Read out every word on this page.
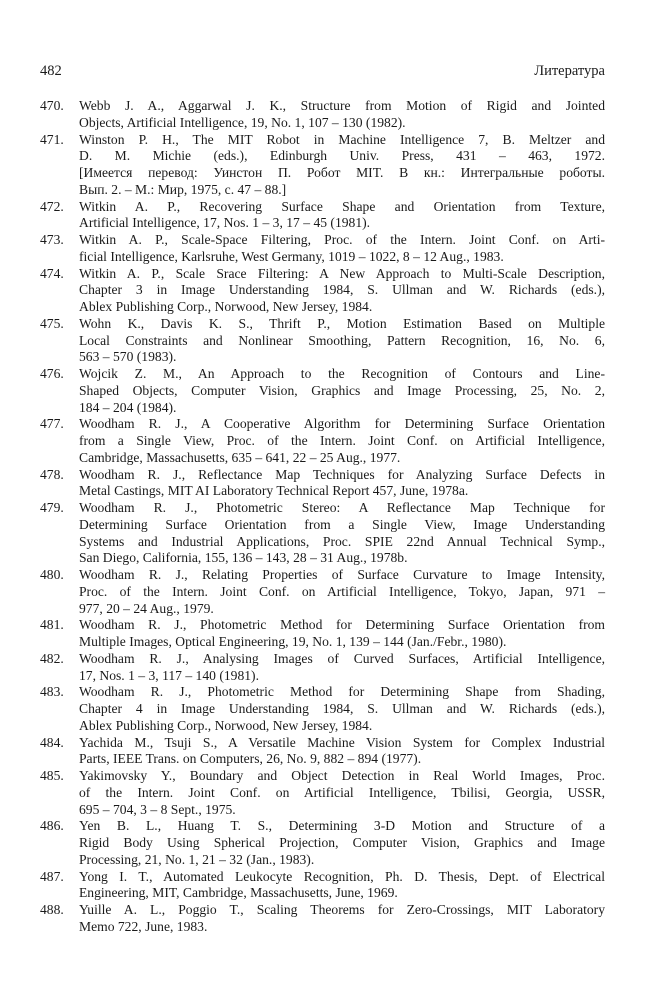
482	Литература
470. Webb J. A., Aggarwal J. K., Structure from Motion of Rigid and Jointed
Objects, Artificial Intelligence, 19, No. 1, 107 – 130 (1982).
471. Winston P. H., The MIT Robot in Machine Intelligence 7, B. Meltzer and
D. M. Michie (eds.), Edinburgh Univ. Press, 431 – 463, 1972.
[Имеется перевод: Уинстон П. Робот MIT. В кн.: Интегральные роботы.
Вып. 2. – М.: Мир, 1975, с. 47 – 88.]
472. Witkin A. P., Recovering Surface Shape and Orientation from Texture,
Artificial Intelligence, 17, Nos. 1 – 3, 17 – 45 (1981).
473. Witkin A. P., Scale-Space Filtering, Proc. of the Intern. Joint Conf. on Arti-
ficial Intelligence, Karlsruhe, West Germany, 1019 – 1022, 8 – 12 Aug., 1983.
474. Witkin A. P., Scale Srace Filtering: A New Approach to Multi-Scale Description,
Chapter 3 in Image Understanding 1984, S. Ullman and W. Richards (eds.),
Ablex Publishing Corp., Norwood, New Jersey, 1984.
475. Wohn K., Davis K. S., Thrift P., Motion Estimation Based on Multiple
Local Constraints and Nonlinear Smoothing, Pattern Recognition, 16, No. 6,
563 – 570 (1983).
476. Wojcik Z. M., An Approach to the Recognition of Contours and Line-
Shaped Objects, Computer Vision, Graphics and Image Processing, 25, No. 2,
184 – 204 (1984).
477. Woodham R. J., A Cooperative Algorithm for Determining Surface Orientation
from a Single View, Proc. of the Intern. Joint Conf. on Artificial Intelligence,
Cambridge, Massachusetts, 635 – 641, 22 – 25 Aug., 1977.
478. Woodham R. J., Reflectance Map Techniques for Analyzing Surface Defects in
Metal Castings, MIT AI Laboratory Technical Report 457, June, 1978a.
479. Woodham R. J., Photometric Stereo: A Reflectance Map Technique for
Determining Surface Orientation from a Single View, Image Understanding
Systems and Industrial Applications, Proc. SPIE 22nd Annual Technical Symp.,
San Diego, California, 155, 136 – 143, 28 – 31 Aug., 1978b.
480. Woodham R. J., Relating Properties of Surface Curvature to Image Intensity,
Proc. of the Intern. Joint Conf. on Artificial Intelligence, Tokyo, Japan, 971 –
977, 20 – 24 Aug., 1979.
481. Woodham R. J., Photometric Method for Determining Surface Orientation from
Multiple Images, Optical Engineering, 19, No. 1, 139 – 144 (Jan./Febr., 1980).
482. Woodham R. J., Analysing Images of Curved Surfaces, Artificial Intelligence,
17, Nos. 1 – 3, 117 – 140 (1981).
483. Woodham R. J., Photometric Method for Determining Shape from Shading,
Chapter 4 in Image Understanding 1984, S. Ullman and W. Richards (eds.),
Ablex Publishing Corp., Norwood, New Jersey, 1984.
484. Yachida M., Tsuji S., A Versatile Machine Vision System for Complex Industrial
Parts, IEEE Trans. on Computers, 26, No. 9, 882 – 894 (1977).
485. Yakimovsky Y., Boundary and Object Detection in Real World Images, Proc.
of the Intern. Joint Conf. on Artificial Intelligence, Tbilisi, Georgia, USSR,
695 – 704, 3 – 8 Sept., 1975.
486. Yen B. L., Huang T. S., Determining 3-D Motion and Structure of a
Rigid Body Using Spherical Projection, Computer Vision, Graphics and Image
Processing, 21, No. 1, 21 – 32 (Jan., 1983).
487. Yong I. T., Automated Leukocyte Recognition, Ph. D. Thesis, Dept. of Electrical
Engineering, MIT, Cambridge, Massachusetts, June, 1969.
488. Yuille A. L., Poggio T., Scaling Theorems for Zero-Crossings, MIT Laboratory
Memo 722, June, 1983.
